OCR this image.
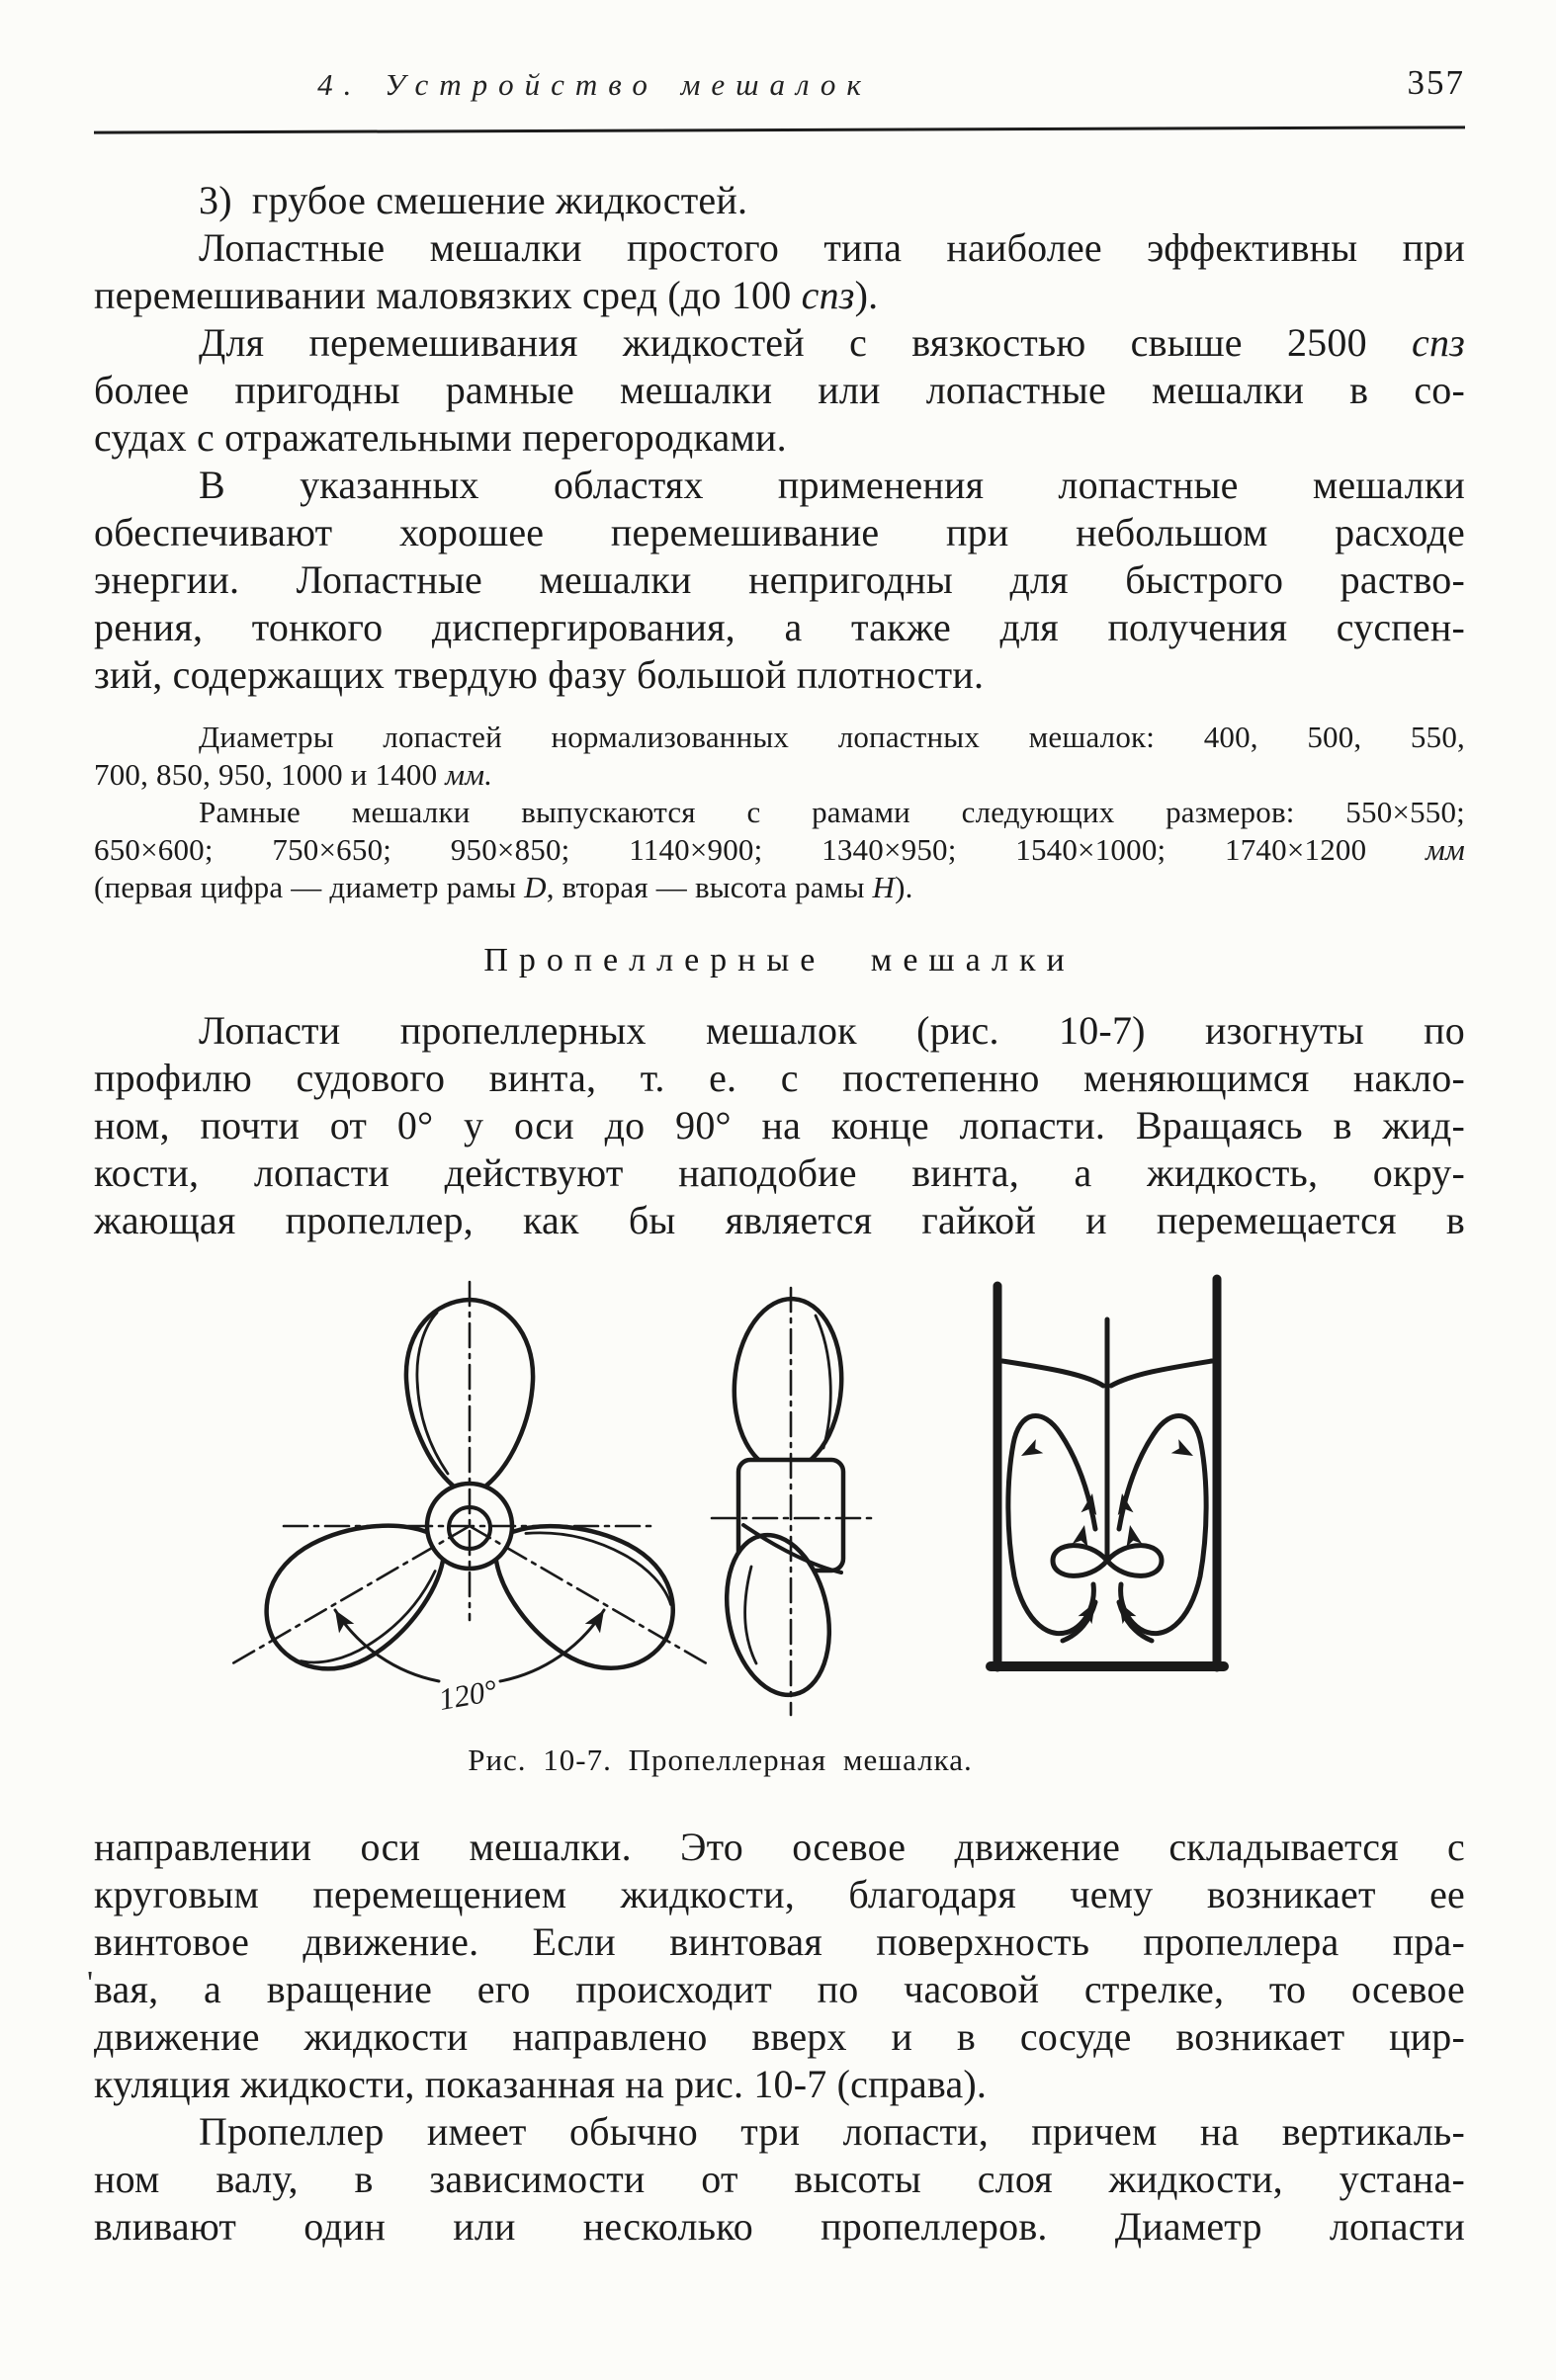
4. Устройство мешалок	357
3) грубое смешение жидкостей.
Лопастные мешалки простого типа наиболее эффективны при
перемешивании маловязких сред (до 100 спз).
Для перемешивания жидкостей с вязкостью свыше 2500 спз
более пригодны рамные мешалки или лопастные мешалки в со-
судах с отражательными перегородками.
В указанных областях применения лопастные мешалки
обеспечивают хорошее перемешивание при небольшом расходе
энергии. Лопастные мешалки непригодны для быстрого раство-
рения, тонкого диспергирования, а также для получения суспен-
зий, содержащих твердую фазу большой плотности.
Диаметры лопастей нормализованных лопастных мешалок: 400, 500, 550,
700, 850, 950, 1000 и 1400 мм.
Рамные мешалки выпускаются с рамами следующих размеров: 550×550;
650×600; 750×650; 950×850; 1140×900; 1340×950; 1540×1000; 1740×1200 мм
(первая цифра — диаметр рамы D, вторая — высота рамы H).
Пропеллерные мешалки
Лопасти пропеллерных мешалок (рис. 10-7) изогнуты по
профилю судового винта, т. е. с постепенно меняющимся накло-
ном, почти от 0° у оси до 90° на конце лопасти. Вращаясь в жид-
кости, лопасти действуют наподобие винта, а жидкость, окру-
жающая пропеллер, как бы является гайкой и перемещается в
120°
Рис. 10-7. Пропеллерная мешалка.
направлении оси мешалки. Это осевое движение складывается с
круговым перемещением жидкости, благодаря чему возникает ее
винтовое движение. Если винтовая поверхность пропеллера пра-
вая, а вращение его происходит по часовой стрелке, то осевое
движение жидкости направлено вверх и в сосуде возникает цир-
куляция жидкости, показанная на рис. 10-7 (справа).
Пропеллер имеет обычно три лопасти, причем на вертикаль-
ном валу, в зависимости от высоты слоя жидкости, устана-
вливают один или несколько пропеллеров. Диаметр лопасти
'
